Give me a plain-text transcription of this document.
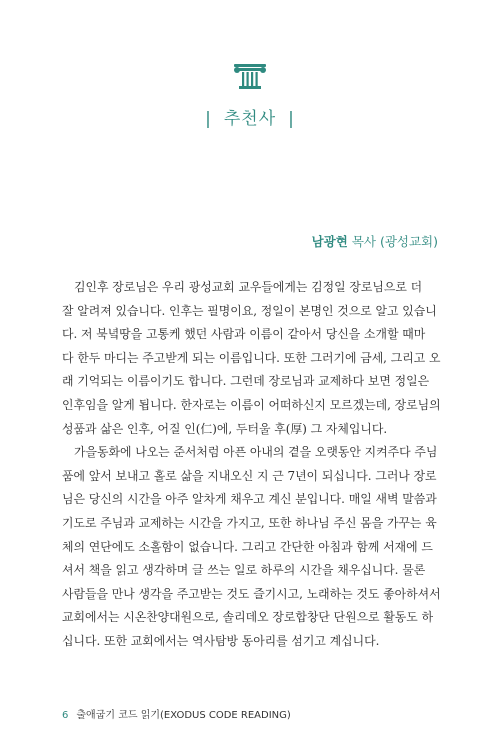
| 추천사 |
남광현 목사 (광성교회)

김인후 장로님은 우리 광성교회 교우들에게는 김정일 장로님으로 더
잘 알려져 있습니다. 인후는 필명이요, 정일이 본명인 것으로 알고 있습니
다. 저 북녘땅을 고통케 했던 사람과 이름이 같아서 당신을 소개할 때마
다 한두 마디는 주고받게 되는 이름입니다. 또한 그러기에 금세, 그리고 오
래 기억되는 이름이기도 합니다. 그런데 장로님과 교제하다 보면 정일은
인후임을 알게 됩니다. 한자로는 이름이 어떠하신지 모르겠는데, 장로님의
성품과 삶은 인후, 어질 인(仁)에, 두터울 후(厚) 그 자체입니다.

가을동화에 나오는 준서처럼 아픈 아내의 곁을 오랫동안 지켜주다 주님
품에 앞서 보내고 홀로 삶을 지내오신 지 근 7년이 되십니다. 그러나 장로
님은 당신의 시간을 아주 알차게 채우고 계신 분입니다. 매일 새벽 말씀과
기도로 주님과 교제하는 시간을 가지고, 또한 하나님 주신 몸을 가꾸는 육
체의 연단에도 소홀함이 없습니다. 그리고 간단한 아침과 함께 서재에 드
셔서 책을 읽고 생각하며 글 쓰는 일로 하루의 시간을 채우십니다. 물론
사람들을 만나 생각을 주고받는 것도 즐기시고, 노래하는 것도 좋아하셔서
교회에서는 시온찬양대원으로, 솔리데오 장로합창단 단원으로 활동도 하
십니다. 또한 교회에서는 역사탐방 동아리를 섬기고 계십니다.

6 출애굽기 코드 읽기(EXODUS CODE READING)
